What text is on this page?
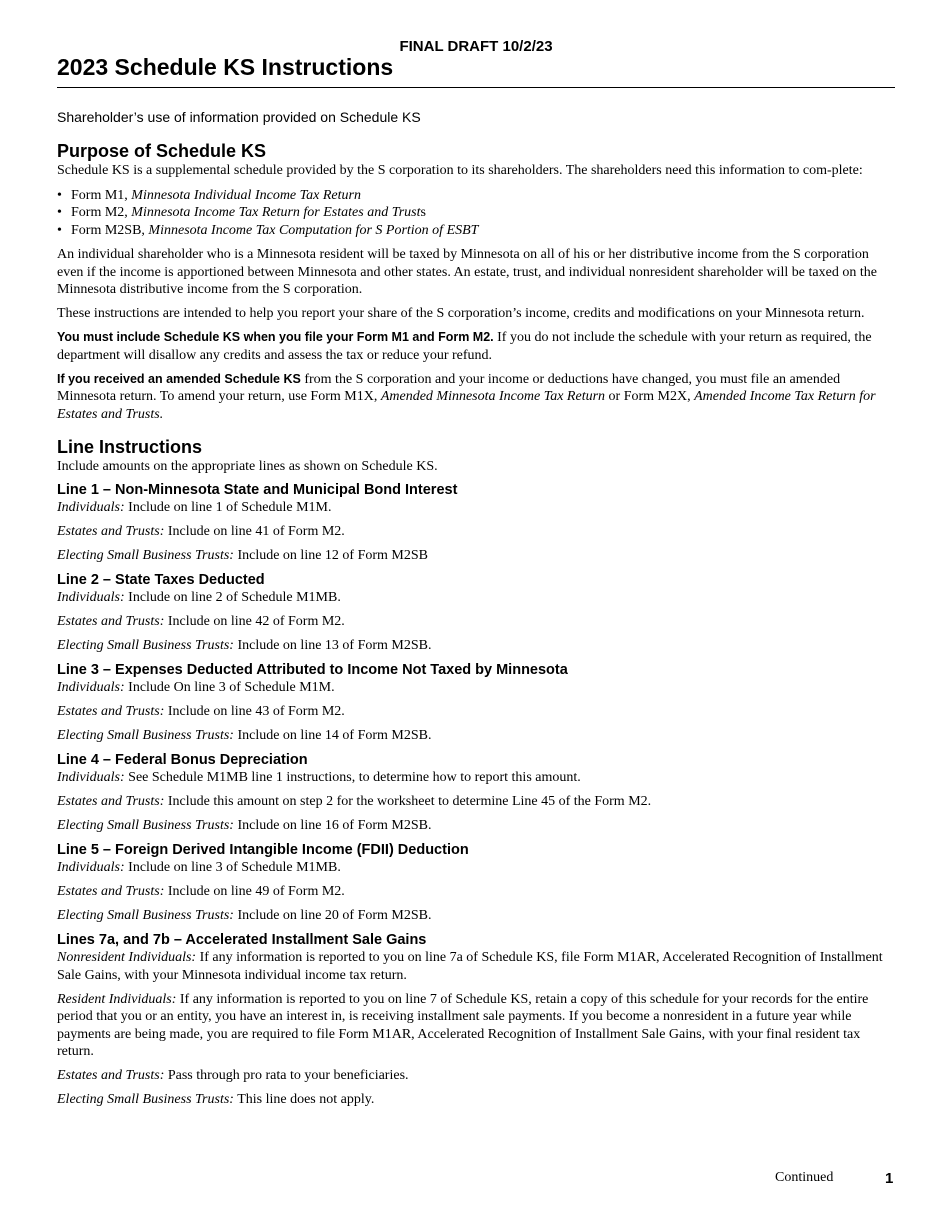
FINAL DRAFT 10/2/23
2023 Schedule KS Instructions

Shareholder’s use of information provided on Schedule KS

Purpose of Schedule KS

Schedule KS is a supplemental schedule provided by the S corporation to its shareholders. The shareholders need this information to com-plete:

• Form M1, Minnesota Individual Income Tax Return
• Form M2, Minnesota Income Tax Return for Estates and Trusts
• Form M2SB, Minnesota Income Tax Computation for S Portion of ESBT

An individual shareholder who is a Minnesota resident will be taxed by Minnesota on all of his or her distributive income from the S corporation even if the income is apportioned between Minnesota and other states. An estate, trust, and individual nonresident shareholder will be taxed on the Minnesota distributive income from the S corporation.

These instructions are intended to help you report your share of the S corporation’s income, credits and modifications on your Minnesota return.

You must include Schedule KS when you file your Form M1 and Form M2. If you do not include the schedule with your return as required, the department will disallow any credits and assess the tax or reduce your refund.

If you received an amended Schedule KS from the S corporation and your income or deductions have changed, you must file an amended Minnesota return. To amend your return, use Form M1X, Amended Minnesota Income Tax Return or Form M2X, Amended Income Tax Return for Estates and Trusts.

Line Instructions

Include amounts on the appropriate lines as shown on Schedule KS.

Line 1 – Non-Minnesota State and Municipal Bond Interest

Individuals: Include on line 1 of Schedule M1M.

Estates and Trusts: Include on line 41 of Form M2.

Electing Small Business Trusts: Include on line 12 of Form M2SB

Line 2 – State Taxes Deducted

Individuals: Include on line 2 of Schedule M1MB.

Estates and Trusts: Include on line 42 of Form M2.

Electing Small Business Trusts: Include on line 13 of Form M2SB.

Line 3 – Expenses Deducted Attributed to Income Not Taxed by Minnesota

Individuals: Include On line 3 of Schedule M1M.

Estates and Trusts: Include on line 43 of Form M2.

Electing Small Business Trusts: Include on line 14 of Form M2SB.

Line 4 – Federal Bonus Depreciation

Individuals: See Schedule M1MB line 1 instructions, to determine how to report this amount.

Estates and Trusts: Include this amount on step 2 for the worksheet to determine Line 45 of the Form M2.

Electing Small Business Trusts: Include on line 16 of Form M2SB.

Line 5 – Foreign Derived Intangible Income (FDII) Deduction

Individuals: Include on line 3 of Schedule M1MB.

Estates and Trusts: Include on line 49 of Form M2.

Electing Small Business Trusts: Include on line 20 of Form M2SB.

Lines 7a, and 7b – Accelerated Installment Sale Gains

Nonresident Individuals: If any information is reported to you on line 7a of Schedule KS, file Form M1AR, Accelerated Recognition of Installment Sale Gains, with your Minnesota individual income tax return.

Resident Individuals: If any information is reported to you on line 7 of Schedule KS, retain a copy of this schedule for your records for the entire period that you or an entity, you have an interest in, is receiving installment sale payments. If you become a nonresident in a future year while payments are being made, you are required to file Form M1AR, Accelerated Recognition of Installment Sale Gains, with your final resident tax return.

Estates and Trusts: Pass through pro rata to your beneficiaries.

Electing Small Business Trusts: This line does not apply.

Continued	1
